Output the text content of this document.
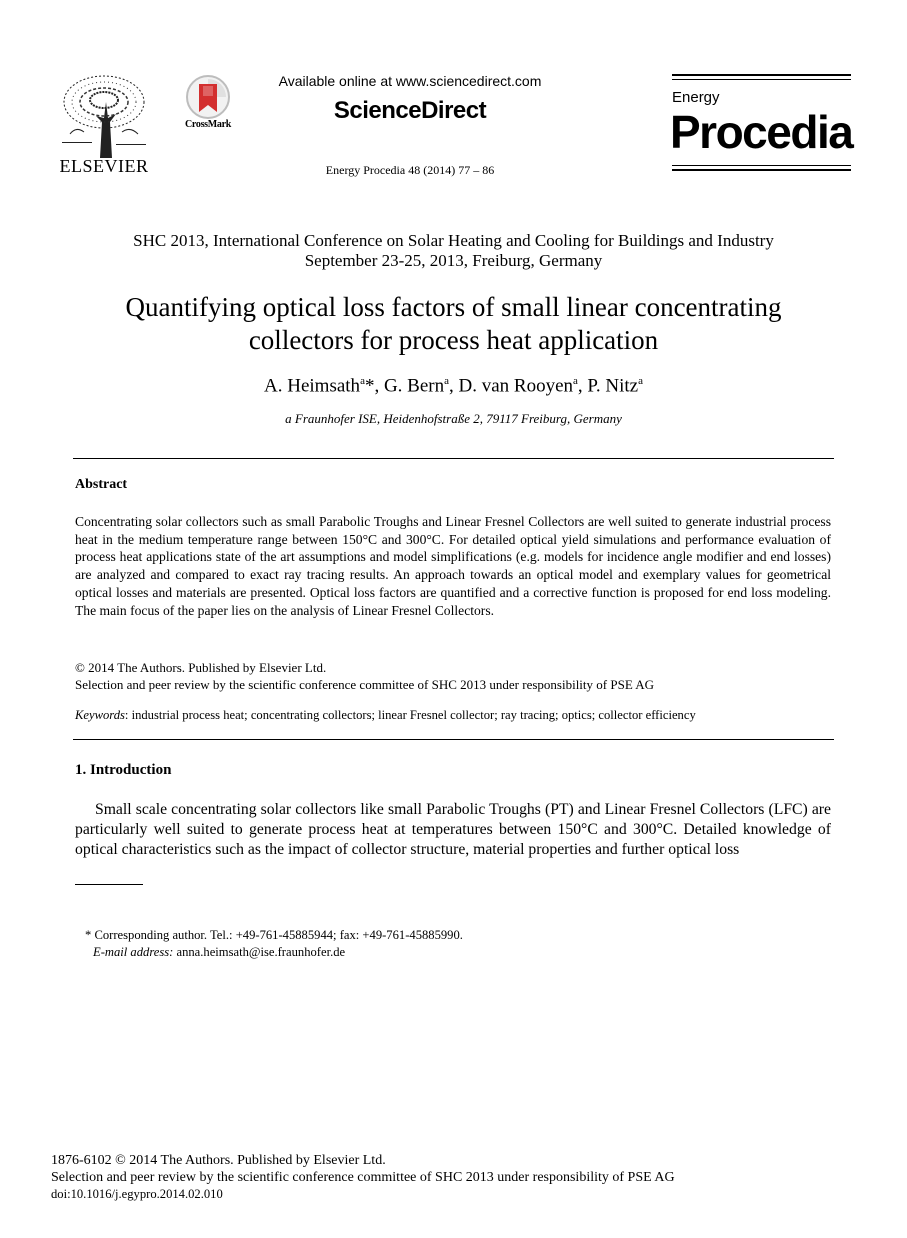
ELSEVIER
CrossMark
Available online at www.sciencedirect.com
ScienceDirect
Energy Procedia 48 (2014) 77 – 86
Energy
Procedia
SHC 2013, International Conference on Solar Heating and Cooling for Buildings and Industry
September 23-25, 2013, Freiburg, Germany
Quantifying optical loss factors of small linear concentrating
collectors for process heat application
A. Heimsath$^a$*, G. Bern$^a$, D. van Rooyen$^a$, P. Nitz$^a$
a Fraunhofer ISE, Heidenhofstraße 2, 79117 Freiburg, Germany
Abstract
Concentrating solar collectors such as small Parabolic Troughs and Linear Fresnel Collectors are well suited to generate industrial process heat in the medium temperature range between 150°C and 300°C. For detailed optical yield simulations and performance evaluation of process heat applications state of the art assumptions and model simplifications (e.g. models for incidence angle modifier and end losses) are analyzed and compared to exact ray tracing results. An approach towards an optical model and exemplary values for geometrical optical losses and materials are presented. Optical loss factors are quantified and a corrective function is proposed for end loss modeling. The main focus of the paper lies on the analysis of Linear Fresnel Collectors.
© 2014 The Authors. Published by Elsevier Ltd.
Selection and peer review by the scientific conference committee of SHC 2013 under responsibility of PSE AG
Keywords: industrial process heat; concentrating collectors; linear Fresnel collector; ray tracing; optics; collector efficiency
1. Introduction
Small scale concentrating solar collectors like small Parabolic Troughs (PT) and Linear Fresnel Collectors (LFC) are particularly well suited to generate process heat at temperatures between 150°C and 300°C. Detailed knowledge of optical characteristics such as the impact of collector structure, material properties and further optical loss
* Corresponding author. Tel.: +49-761-45885944; fax: +49-761-45885990.
E-mail address: anna.heimsath@ise.fraunhofer.de
1876-6102 © 2014 The Authors. Published by Elsevier Ltd.
Selection and peer review by the scientific conference committee of SHC 2013 under responsibility of PSE AG
doi:10.1016/j.egypro.2014.02.010
